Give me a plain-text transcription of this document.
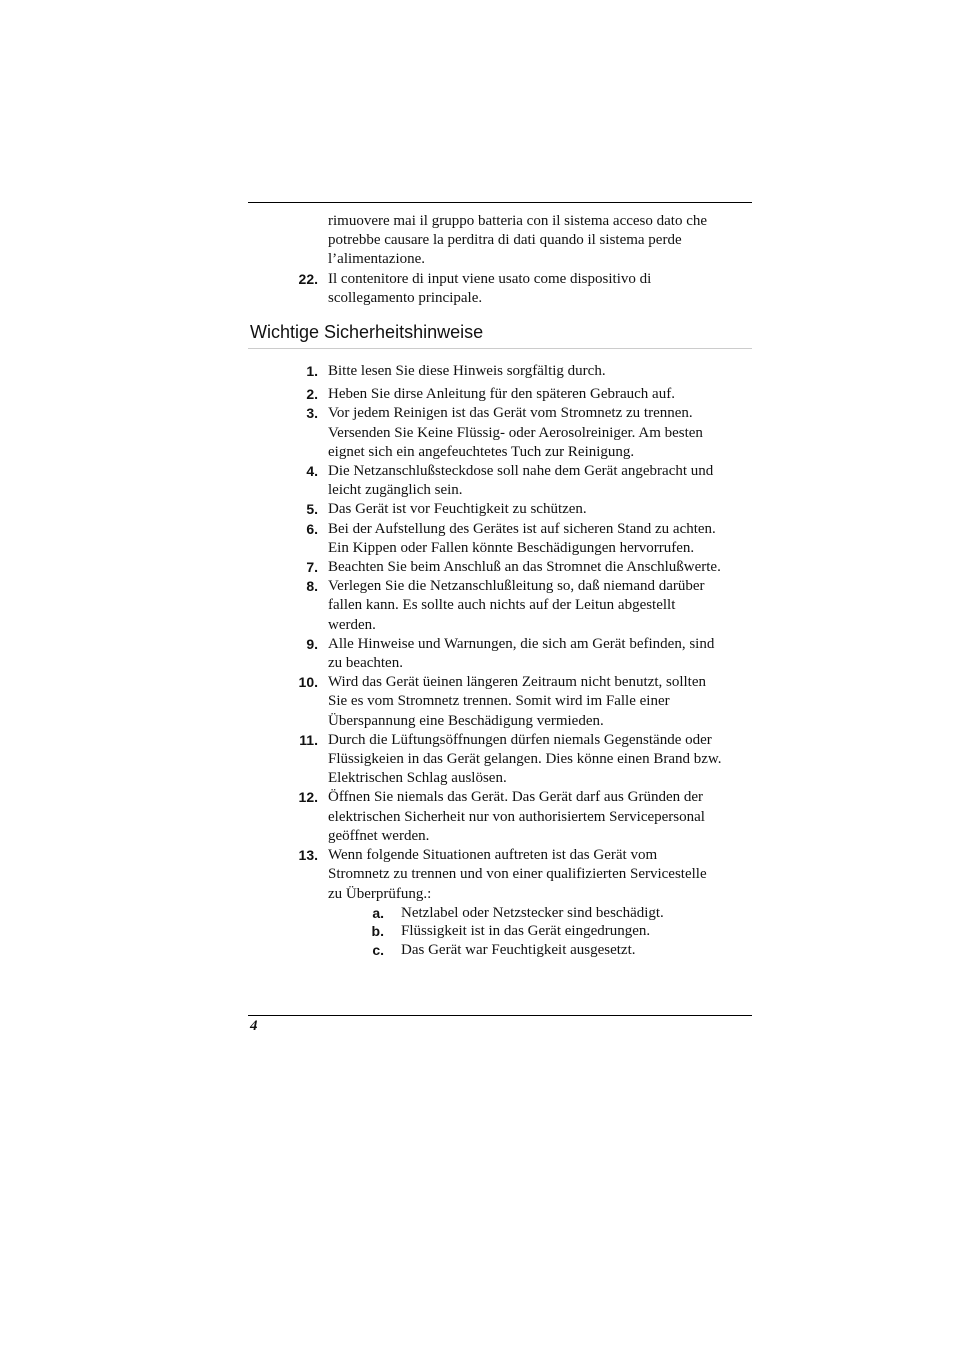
rimuovere mai il gruppo batteria con il sistema acceso dato che
potrebbe causare la perditra di dati quando il sistema perde
l’alimentazione.
22. Il contenitore di input viene usato come dispositivo di
scollegamento principale.
Wichtige Sicherheitshinweise
1. Bitte lesen Sie diese Hinweis sorgfältig durch.
2. Heben Sie dirse Anleitung für den späteren Gebrauch auf.
3. Vor jedem Reinigen ist das Gerät vom Stromnetz zu trennen.
Versenden Sie Keine Flüssig- oder Aerosolreiniger. Am besten
eignet sich ein angefeuchtetes Tuch zur Reinigung.
4. Die Netzanschlußsteckdose soll nahe dem Gerät angebracht und
leicht zugänglich sein.
5. Das Gerät ist vor Feuchtigkeit zu schützen.
6. Bei der Aufstellung des Gerätes ist auf sicheren Stand zu achten.
Ein Kippen oder Fallen könnte Beschädigungen hervorrufen.
7. Beachten Sie beim Anschluß an das Stromnet die Anschlußwerte.
8. Verlegen Sie die Netzanschlußleitung so, daß niemand darüber
fallen kann. Es sollte auch nichts auf der Leitun abgestellt
werden.
9. Alle Hinweise und Warnungen, die sich am Gerät befinden, sind
zu beachten.
10. Wird das Gerät üeinen längeren Zeitraum nicht benutzt, sollten
Sie es vom Stromnetz trennen. Somit wird im Falle einer
Überspannung eine Beschädigung vermieden.
11. Durch die Lüftungsöffnungen dürfen niemals Gegenstände oder
Flüssigkeien in das Gerät gelangen. Dies könne einen Brand bzw.
Elektrischen Schlag auslösen.
12. Öffnen Sie niemals das Gerät. Das Gerät darf aus Gründen der
elektrischen Sicherheit nur von authorisiertem Servicepersonal
geöffnet werden.
13. Wenn folgende Situationen auftreten ist das Gerät vom
Stromnetz zu trennen und von einer qualifizierten Servicestelle
zu Überprüfung.:
a. Netzlabel oder Netzstecker sind beschädigt.
b. Flüssigkeit ist in das Gerät eingedrungen.
c. Das Gerät war Feuchtigkeit ausgesetzt.
4
